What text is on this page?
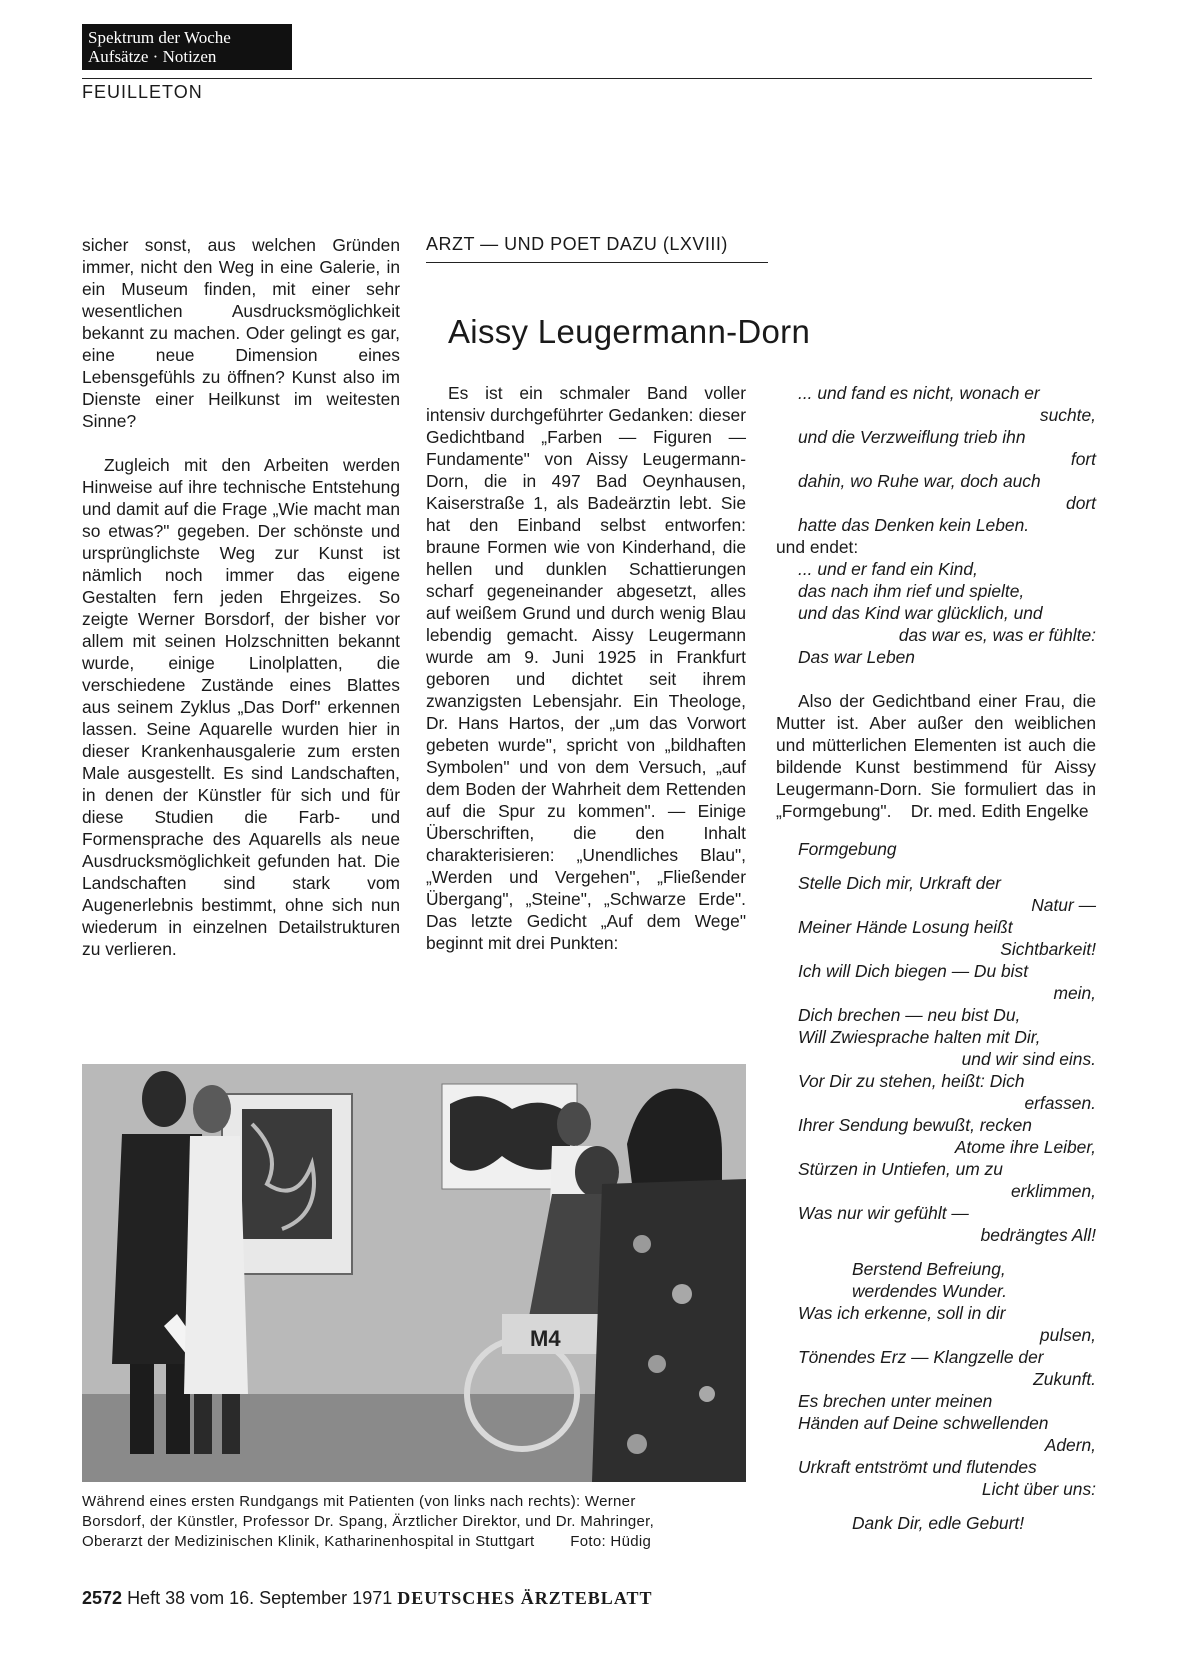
Spektrum der Woche
Aufsätze · Notizen
FEUILLETON

sicher sonst, aus welchen Gründen immer, nicht den Weg in eine Galerie, in ein Museum finden, mit einer sehr wesentlichen Ausdrucksmöglichkeit bekannt zu machen. Oder gelingt es gar, eine neue Dimension eines Lebensgefühls zu öffnen? Kunst also im Dienste einer Heilkunst im weitesten Sinne?

Zugleich mit den Arbeiten werden Hinweise auf ihre technische Entstehung und damit auf die Frage „Wie macht man so etwas?" gegeben. Der schönste und ursprünglichste Weg zur Kunst ist nämlich noch immer das eigene Gestalten fern jeden Ehrgeizes. So zeigte Werner Borsdorf, der bisher vor allem mit seinen Holzschnitten bekannt wurde, einige Linolplatten, die verschiedene Zustände eines Blattes aus seinem Zyklus „Das Dorf" erkennen lassen. Seine Aquarelle wurden hier in dieser Krankenhausgalerie zum ersten Male ausgestellt. Es sind Landschaften, in denen der Künstler für sich und für diese Studien die Farb- und Formensprache des Aquarells als neue Ausdrucksmöglichkeit gefunden hat. Die Landschaften sind stark vom Augenerlebnis bestimmt, ohne sich nun wiederum in einzelnen Detailstrukturen zu verlieren.

ARZT — UND POET DAZU (LXVIII)
Aissy Leugermann-Dorn

Es ist ein schmaler Band voller intensiv durchgeführter Gedanken: dieser Gedichtband „Farben — Figuren — Fundamente" von Aissy Leugermann-Dorn, die in 497 Bad Oeynhausen, Kaiserstraße 1, als Badeärztin lebt. Sie hat den Einband selbst entworfen: braune Formen wie von Kinderhand, die hellen und dunklen Schattierungen scharf gegeneinander abgesetzt, alles auf weißem Grund und durch wenig Blau lebendig gemacht. Aissy Leugermann wurde am 9. Juni 1925 in Frankfurt geboren und dichtet seit ihrem zwanzigsten Lebensjahr. Ein Theologe, Dr. Hans Hartos, der „um das Vorwort gebeten wurde", spricht von „bildhaften Symbolen" und von dem Versuch, „auf dem Boden der Wahrheit dem Rettenden auf die Spur zu kommen". — Einige Überschriften, die den Inhalt charakterisieren: „Unendliches Blau", „Werden und Vergehen", „Fließender Übergang", „Steine", „Schwarze Erde". Das letzte Gedicht „Auf dem Wege" beginnt mit drei Punkten:

... und fand es nicht, wonach er
suchte,
und die Verzweiflung trieb ihn
fort
dahin, wo Ruhe war, doch auch
dort
hatte das Denken kein Leben.
und endet:
... und er fand ein Kind,
das nach ihm rief und spielte,
und das Kind war glücklich, und
das war es, was er fühlte:
Das war Leben

Also der Gedichtband einer Frau, die Mutter ist. Aber außer den weiblichen und mütterlichen Elementen ist auch die bildende Kunst bestimmend für Aissy Leugermann-Dorn. Sie formuliert das in „Formgebung". Dr. med. Edith Engelke

Formgebung
Stelle Dich mir, Urkraft der
Natur —
Meiner Hände Losung heißt
Sichtbarkeit!
Ich will Dich biegen — Du bist
mein,
Dich brechen — neu bist Du,
Will Zwiesprache halten mit Dir,
und wir sind eins.
Vor Dir zu stehen, heißt: Dich
erfassen.
Ihrer Sendung bewußt, recken
Atome ihre Leiber,
Stürzen in Untiefen, um zu
erklimmen,
Was nur wir gefühlt —
bedrängtes All!
Berstend Befreiung,
werdendes Wunder.
Was ich erkenne, soll in dir
pulsen,
Tönendes Erz — Klangzelle der
Zukunft.
Es brechen unter meinen
Händen auf Deine schwellenden
Adern,
Urkraft entströmt und flutendes
Licht über uns:
Dank Dir, edle Geburt!
M4
Während eines ersten Rundgangs mit Patienten (von links nach rechts): Werner
Borsdorf, der Künstler, Professor Dr. Spang, Ärztlicher Direktor, und Dr. Mahringer,
Oberarzt der Medizinischen Klinik, Katharinenhospital in Stuttgart Foto: Hüdig
2572 Heft 38 vom 16. September 1971 DEUTSCHES ÄRZTEBLATT
